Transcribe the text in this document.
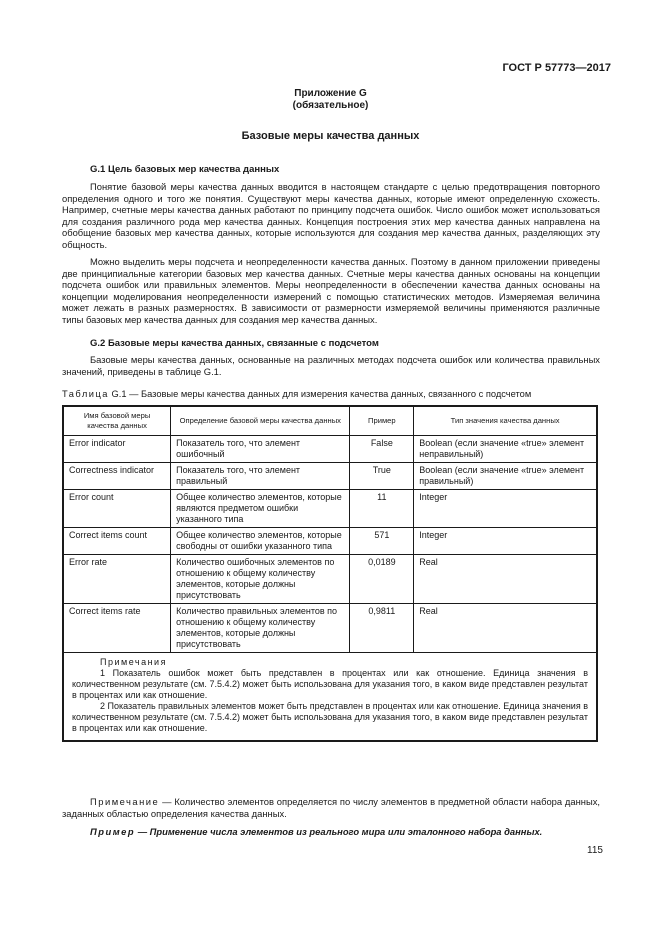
ГОСТ Р 57773—2017
Приложение G
(обязательное)
Базовые меры качества данных
G.1 Цель базовых мер качества данных
Понятие базовой меры качества данных вводится в настоящем стандарте с целью предотвращения повторного определения одного и того же понятия. Существуют меры качества данных, которые имеют определенную схожесть. Например, счетные меры качества данных работают по принципу подсчета ошибок. Число ошибок может использоваться для создания различного рода мер качества данных. Концепция построения этих мер качества данных направлена на обобщение базовых мер качества данных, которые используются для создания мер качества данных, разделяющих эту общность.
Можно выделить меры подсчета и неопределенности качества данных. Поэтому в данном приложении приведены две принципиальные категории базовых мер качества данных. Счетные меры качества данных основаны на концепции подсчета ошибок или правильных элементов. Меры неопределенности в обеспечении качества данных основаны на концепции моделирования неопределенности измерений с помощью статистических методов. Измеряемая величина может лежать в разных размерностях. В зависимости от размерности измеряемой величины применяются различные типы базовых мер качества данных для создания мер качества данных.
G.2 Базовые меры качества данных, связанные с подсчетом
Базовые меры качества данных, основанные на различных методах подсчета ошибок или количества правильных значений, приведены в таблице G.1.
Таблица G.1 — Базовые меры качества данных для измерения качества данных, связанного с подсчетом
Имя базовой меры качества данных	Определение базовой меры качества данных	Пример	Тип значения качества данных
Error indicator	Показатель того, что элемент ошибочный	False	Boolean (если значение «true» элемент неправильный)
Correctness indicator	Показатель того, что элемент правильный	True	Boolean (если значение «true» элемент правильный)
Error count	Общее количество элементов, которые являются предметом ошибки указанного типа	11	Integer
Correct items count	Общее количество элементов, которые свободны от ошибки указанного типа	571	Integer
Error rate	Количество ошибочных элементов по отношению к общему количеству элементов, которые должны присутствовать	0,0189	Real
Correct items rate	Количество правильных элементов по отношению к общему количеству элементов, которые должны присутствовать	0,9811	Real

Примечания
1 Показатель ошибок может быть представлен в процентах или как отношение. Единица значения в количественном результате (см. 7.5.4.2) может быть использована для указания того, в каком виде представлен результат в процентах или как отношение.
2 Показатель правильных элементов может быть представлен в процентах или как отношение. Единица значения в количественном результате (см. 7.5.4.2) может быть использована для указания того, в каком виде представлен результат в процентах или как отношение.			
Примечание — Количество элементов определяется по числу элементов в предметной области набора данных, заданных областью определения качества данных.
Пример — Применение числа элементов из реального мира или эталонного набора данных.
115
